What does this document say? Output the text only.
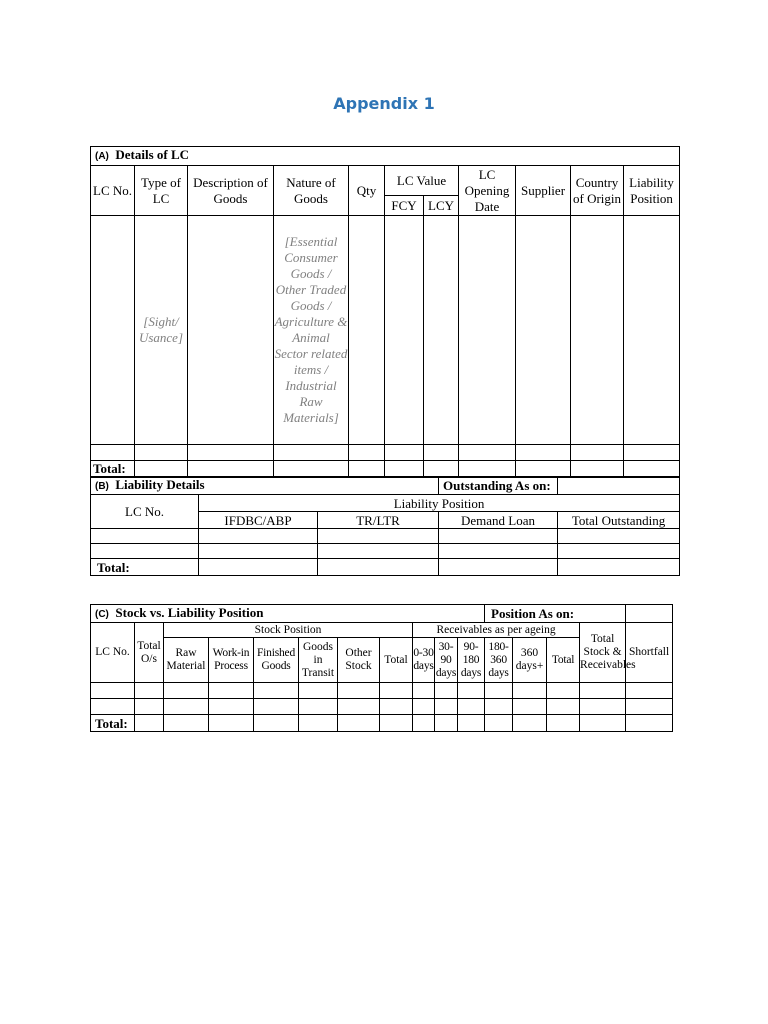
Appendix 1
(A) Details of LC										
LC No.	Type of LC	Description of Goods	Nature of Goods	Qty	LC Value		LC Opening Date	Supplier	Country of Origin	Liability Position
					FCY	LCY				
	[Sight/ Usance]		[Essential Consumer Goods / Other Traded Goods / Agriculture & Animal Sector related items / Industrial Raw Materials]							

Total:										
(B) Liability Details			Outstanding As on:	
LC No.	Liability Position			
	IFDBC/ABP	TR/LTR	Demand Loan	Total Outstanding

Total:				
(C) Stock vs. Liability Position											Position As on:				
LC No.	Total O/s	Stock Position						Receivables as per ageing						Total Stock & Receivables	Shortfall
		Raw Material	Work-in Process	Finished Goods	Goods in Transit	Other Stock	Total	0-30 days	30-90 days	90-180 days	180-360 days	360 days+	Total		

Total:															
